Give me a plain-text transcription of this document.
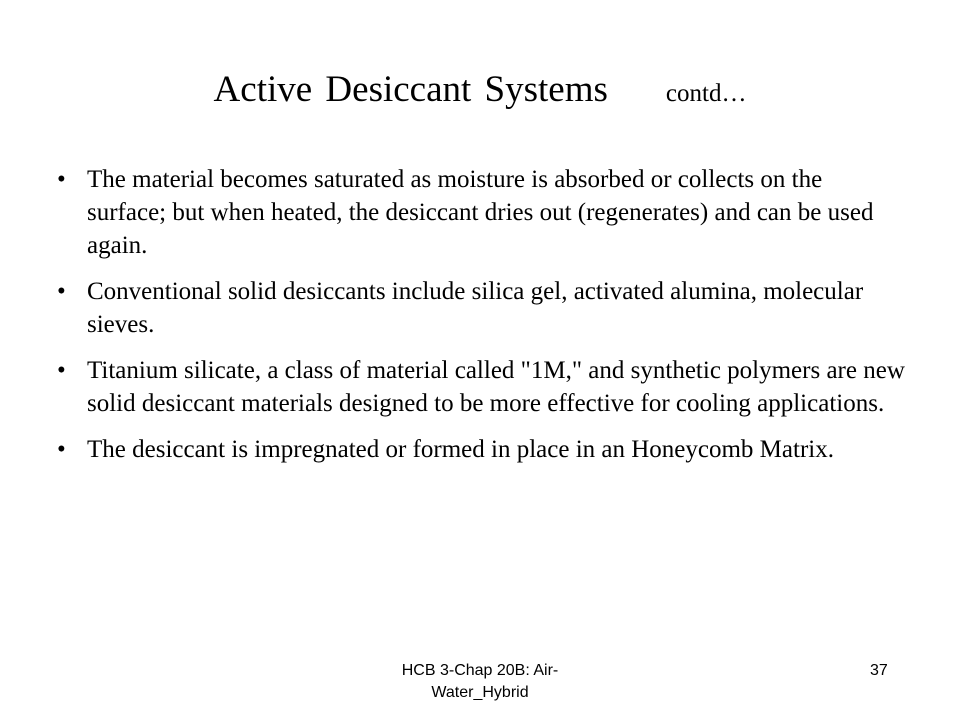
Active Desiccant Systems contd…
• The material becomes saturated as moisture is absorbed or collects on the surface; but when heated, the desiccant dries out (regenerates) and can be used again.
• Conventional solid desiccants include silica gel, activated alumina, molecular sieves.
• Titanium silicate, a class of material called "1M," and synthetic polymers are new solid desiccant materials designed to be more effective for cooling applications.
• The desiccant is impregnated or formed in place in an Honeycomb Matrix.
HCB 3-Chap 20B: Air-
Water_Hybrid
37
